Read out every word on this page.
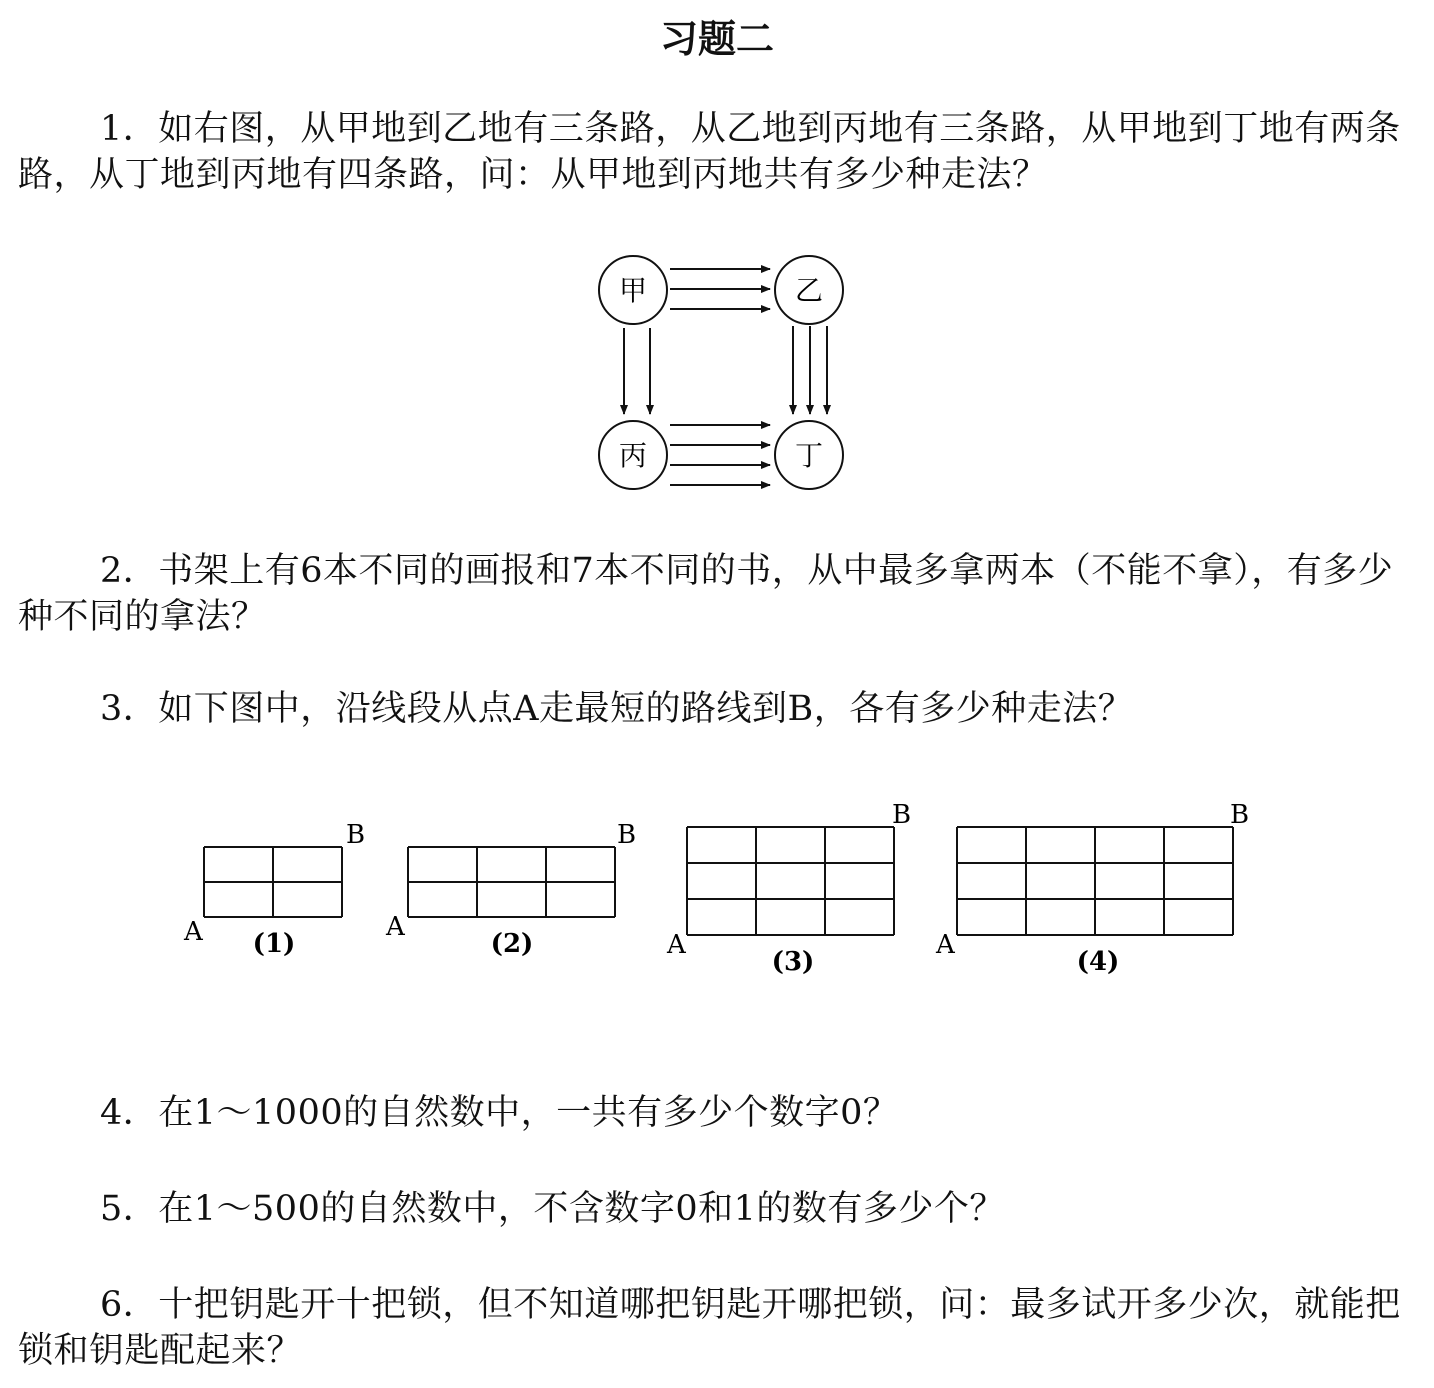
习题二

1．如右图，从甲地到乙地有三条路，从乙地到丙地有三条路，从甲地到丁地有两条路，从丁地到丙地有四条路，问：从甲地到丙地共有多少种走法？

甲	乙
丙	丁

2．书架上有6本不同的画报和7本不同的书，从中最多拿两本（不能不拿），有多少种不同的拿法？

3．如下图中，沿线段从点A走最短的路线到B，各有多少种走法？

A
B
(1)
A
B
(2)	A
B
(3)
A
B
(4)

4．在1～1000的自然数中，一共有多少个数字0？

5．在1～500的自然数中，不含数字0和1的数有多少个？

6．十把钥匙开十把锁，但不知道哪把钥匙开哪把锁，问：最多试开多少次，就能把锁和钥匙配起来？
